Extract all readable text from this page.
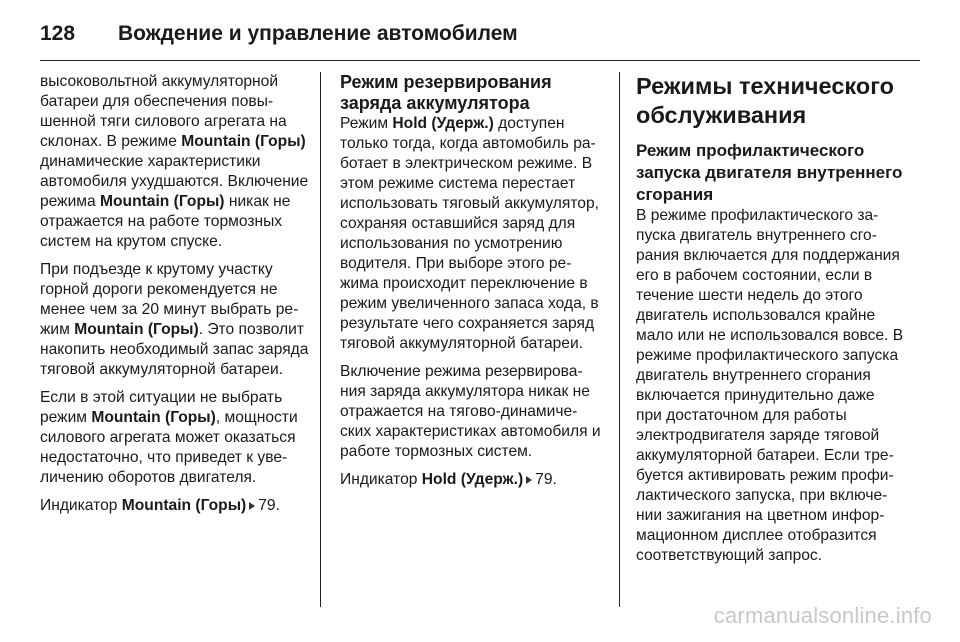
128	Вождение и управление автомобилем

высоковольтной аккумуляторной батареи для обеспечения повышенной тяги силового агрегата на склонах. В режиме Mountain (Горы) динамические характеристики автомобиля ухудшаются. Включение режима Mountain (Горы) никак не отражается на работе тормозных систем на крутом спуске.

При подъезде к крутому участку горной дороги рекомендуется не менее чем за 20 минут выбрать режим Mountain (Горы). Это позволит накопить необходимый запас заряда тяговой аккумуляторной батареи.

Если в этой ситуации не выбрать режим Mountain (Горы), мощности силового агрегата может оказаться недостаточно, что приведет к увеличению оборотов двигателя.

Индикатор Mountain (Горы) 79.

Режим резервирования заряда аккумулятора

Режим Hold (Удерж.) доступен только тогда, когда автомобиль работает в электрическом режиме. В этом режиме система перестает использовать тяговый аккумулятор, сохраняя оставшийся заряд для использования по усмотрению водителя. При выборе этого режима происходит переключение в режим увеличенного запаса хода, в результате чего сохраняется заряд тяговой аккумуляторной батареи.

Включение режима резервирования заряда аккумулятора никак не отражается на тягово-динамических характеристиках автомобиля и работе тормозных систем.

Индикатор Hold (Удерж.) 79.

Режимы технического обслуживания
Режим профилактического запуска двигателя внутреннего сгорания

В режиме профилактического запуска двигатель внутреннего сгорания включается для поддержания его в рабочем состоянии, если в течение шести недель до этого двигатель использовался крайне мало или не использовался вовсе. В режиме профилактического запуска двигатель внутреннего сгорания включается принудительно даже при достаточном для работы электродвигателя заряде тяговой аккумуляторной батареи. Если требуется активировать режим профилактического запуска, при включении зажигания на цветном информационном дисплее отобразится соответствующий запрос.

carmanualsonline.info
